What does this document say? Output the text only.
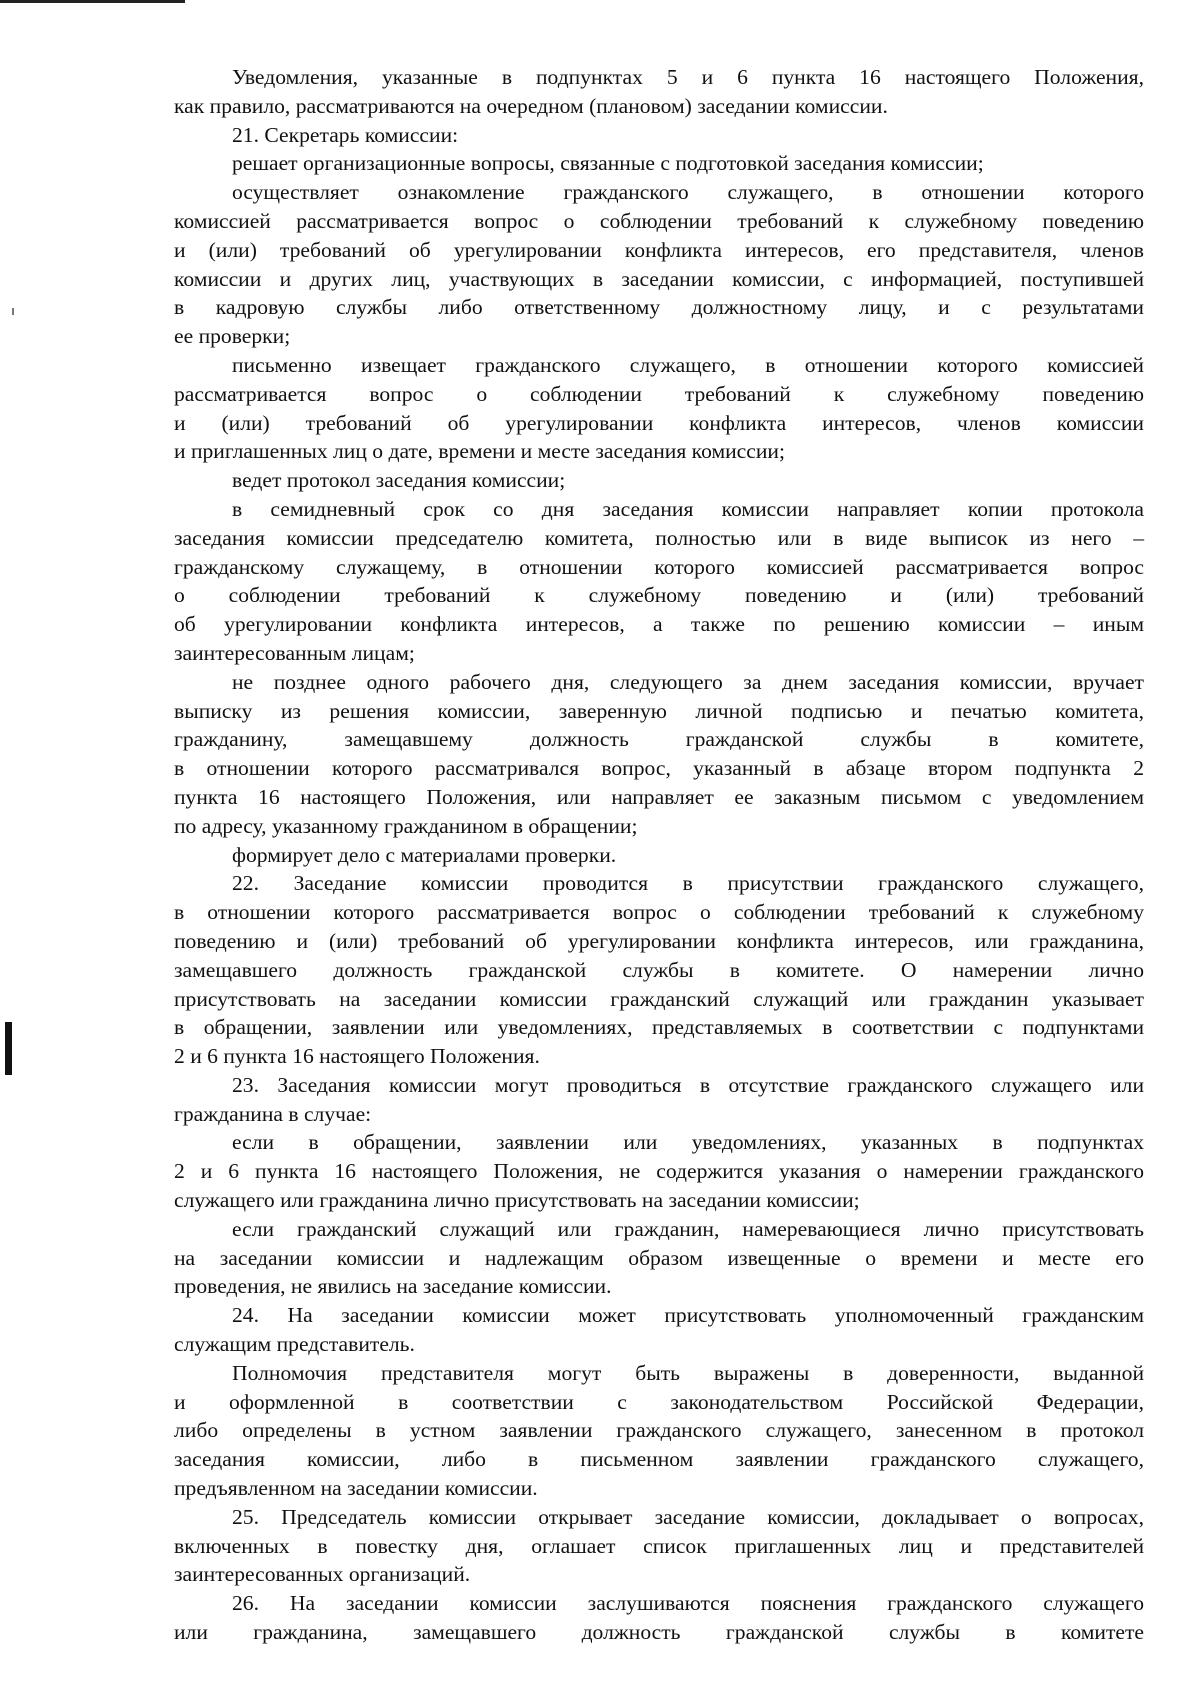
Уведомления, указанные в подпунктах 5 и 6 пункта 16 настоящего Положения,

как правило, рассматриваются на очередном (плановом) заседании комиссии.

21. Секретарь комиссии:

решает организационные вопросы, связанные с подготовкой заседания комиссии;

осуществляет ознакомление гражданского служащего, в отношении которого

комиссией рассматривается вопрос о соблюдении требований к служебному поведению

и (или) требований об урегулировании конфликта интересов, его представителя, членов

комиссии и других лиц, участвующих в заседании комиссии, с информацией, поступившей

в кадровую службы либо ответственному должностному лицу, и с результатами

ее проверки;

письменно извещает гражданского служащего, в отношении которого комиссией

рассматривается вопрос о соблюдении требований к служебному поведению

и (или) требований об урегулировании конфликта интересов, членов комиссии

и приглашенных лиц о дате, времени и месте заседания комиссии;

ведет протокол заседания комиссии;

в семидневный срок со дня заседания комиссии направляет копии протокола

заседания комиссии председателю комитета, полностью или в виде выписок из него –

гражданскому служащему, в отношении которого комиссией рассматривается вопрос

о соблюдении требований к служебному поведению и (или) требований

об урегулировании конфликта интересов, а также по решению комиссии – иным

заинтересованным лицам;

не позднее одного рабочего дня, следующего за днем заседания комиссии, вручает

выписку из решения комиссии, заверенную личной подписью и печатью комитета,

гражданину, замещавшему должность гражданской службы в комитете,

в отношении которого рассматривался вопрос, указанный в абзаце втором подпункта 2

пункта 16 настоящего Положения, или направляет ее заказным письмом с уведомлением

по адресу, указанному гражданином в обращении;

формирует дело с материалами проверки.

22. Заседание комиссии проводится в присутствии гражданского служащего,

в отношении которого рассматривается вопрос о соблюдении требований к служебному

поведению и (или) требований об урегулировании конфликта интересов, или гражданина,

замещавшего должность гражданской службы в комитете. О намерении лично

присутствовать на заседании комиссии гражданский служащий или гражданин указывает

в обращении, заявлении или уведомлениях, представляемых в соответствии с подпунктами

2 и 6 пункта 16 настоящего Положения.

23. Заседания комиссии могут проводиться в отсутствие гражданского служащего или

гражданина в случае:

если в обращении, заявлении или уведомлениях, указанных в подпунктах

2 и 6 пункта 16 настоящего Положения, не содержится указания о намерении гражданского

служащего или гражданина лично присутствовать на заседании комиссии;

если гражданский служащий или гражданин, намеревающиеся лично присутствовать

на заседании комиссии и надлежащим образом извещенные о времени и месте его

проведения, не явились на заседание комиссии.

24. На заседании комиссии может присутствовать уполномоченный гражданским

служащим представитель.

Полномочия представителя могут быть выражены в доверенности, выданной

и оформленной в соответствии с законодательством Российской Федерации,

либо определены в устном заявлении гражданского служащего, занесенном в протокол

заседания комиссии, либо в письменном заявлении гражданского служащего,

предъявленном на заседании комиссии.

25. Председатель комиссии открывает заседание комиссии, докладывает о вопросах,

включенных в повестку дня, оглашает список приглашенных лиц и представителей

заинтересованных организаций.

26. На заседании комиссии заслушиваются пояснения гражданского служащего

или гражданина, замещавшего должность гражданской службы в комитете
